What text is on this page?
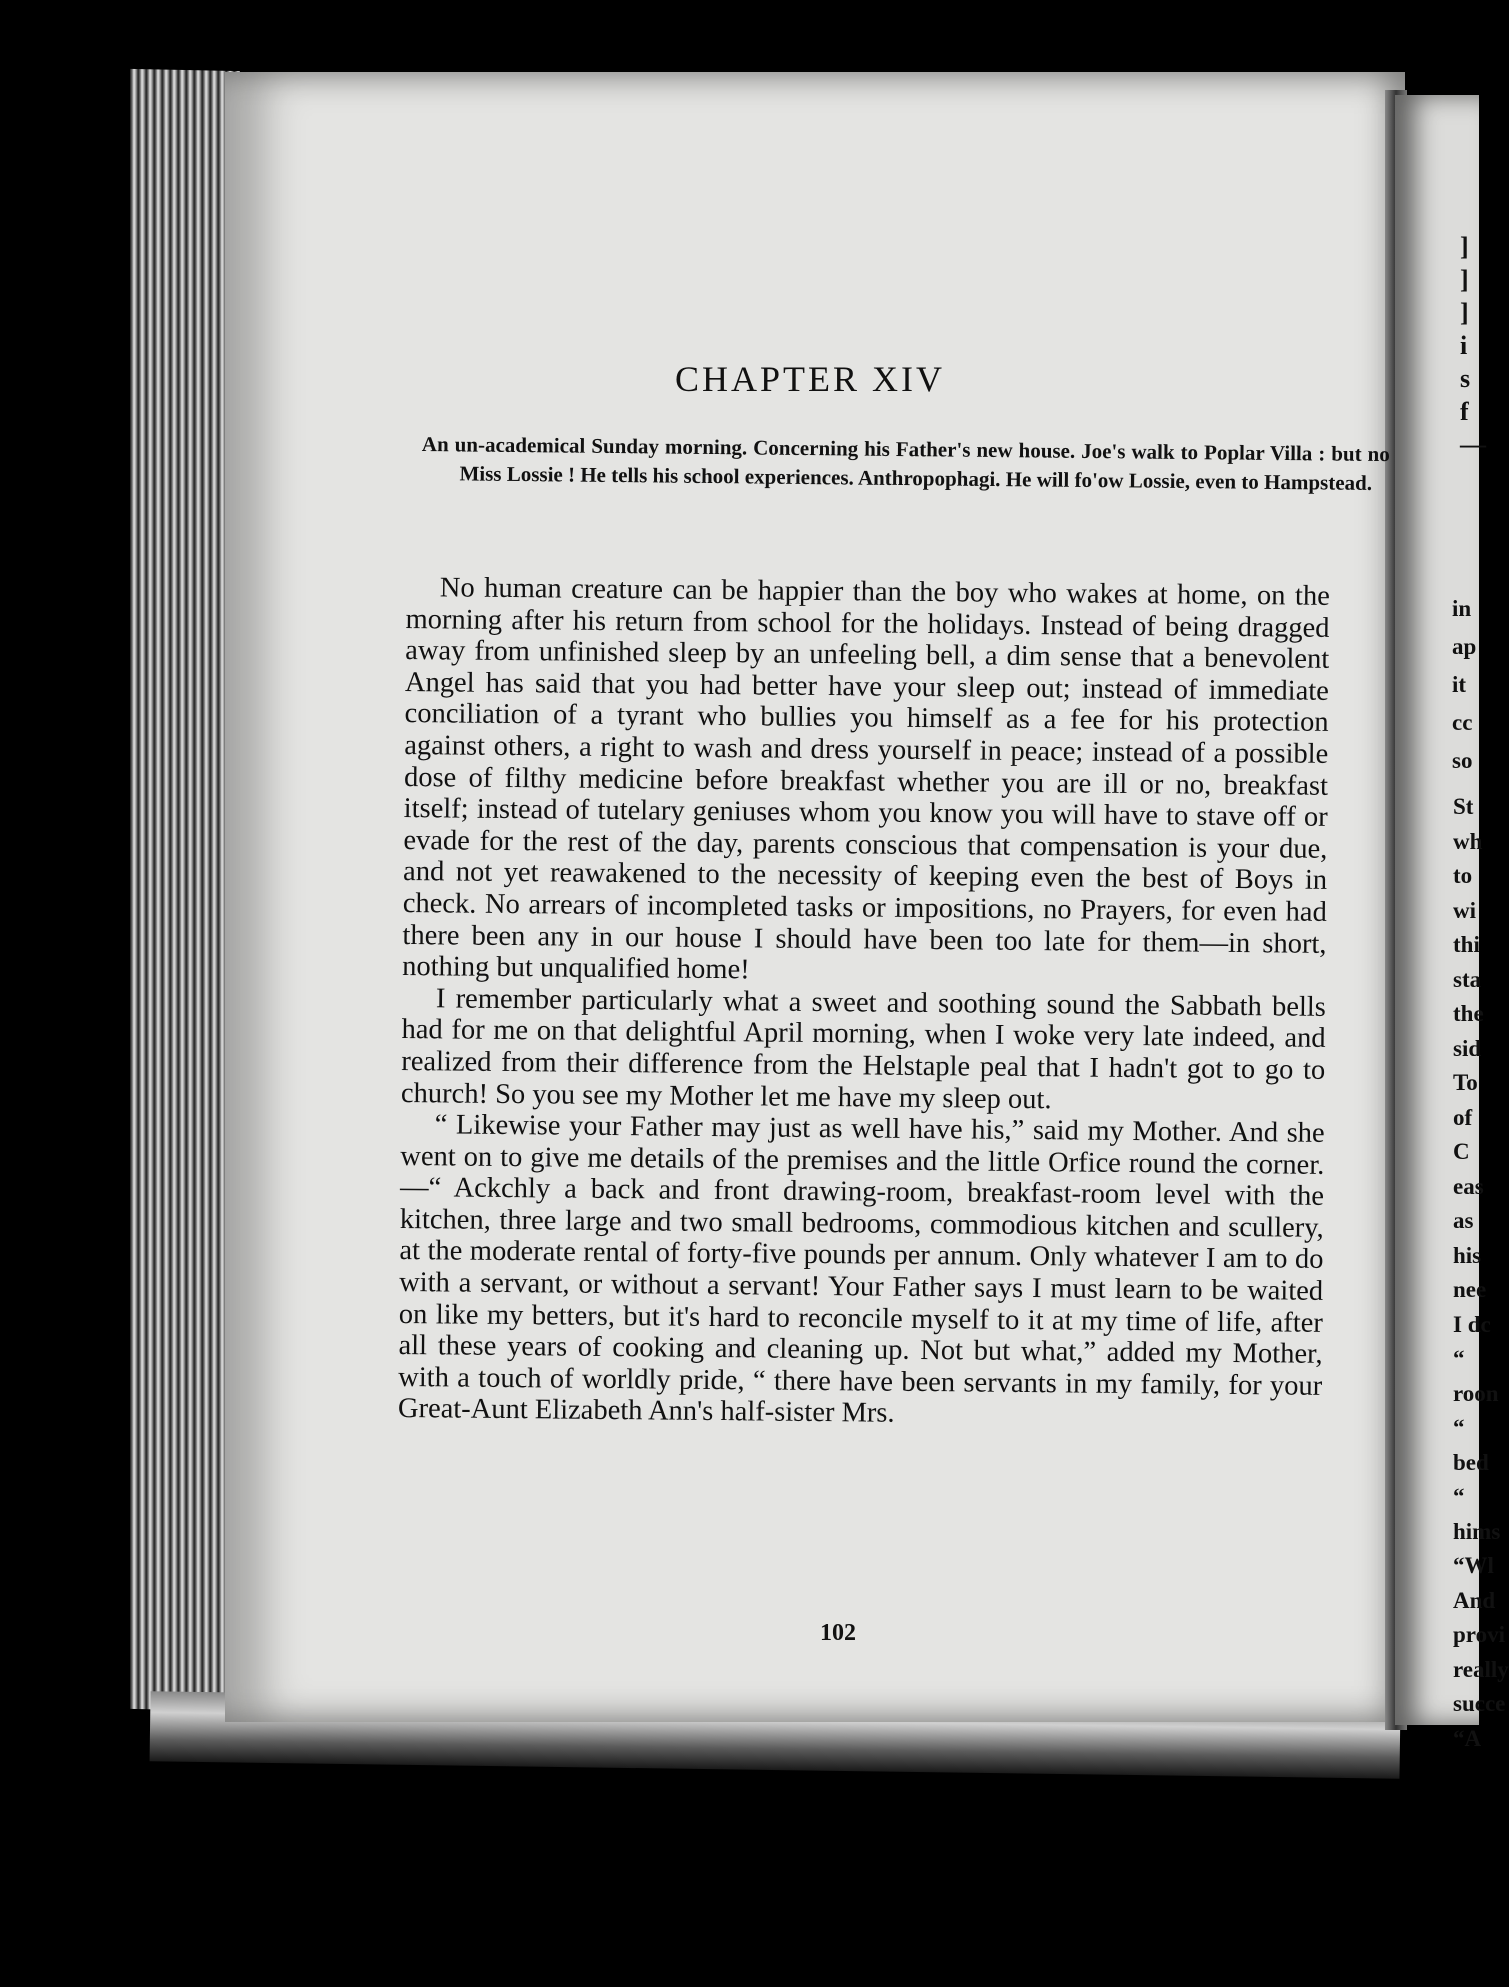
CHAPTER XIV
An un-academical Sunday morning. Concerning his Father's new house. Joe's walk to Poplar Villa : but no Miss Lossie ! He tells his school experiences. Anthropophagi. He will fo'ow Lossie, even to Hampstead.

No human creature can be happier than the boy who wakes at home, on the morning after his return from school for the holidays. Instead of being dragged away from unfinished sleep by an unfeeling bell, a dim sense that a benevolent Angel has said that you had better have your sleep out; instead of immediate conciliation of a tyrant who bullies you himself as a fee for his protection against others, a right to wash and dress yourself in peace; instead of a possible dose of filthy medicine before breakfast whether you are ill or no, breakfast itself; instead of tutelary geniuses whom you know you will have to stave off or evade for the rest of the day, parents conscious that compensation is your due, and not yet reawakened to the necessity of keeping even the best of Boys in check. No arrears of incompleted tasks or impositions, no Prayers, for even had there been any in our house I should have been too late for them—in short, nothing but unqualified home!

I remember particularly what a sweet and soothing sound the Sabbath bells had for me on that delightful April morning, when I woke very late indeed, and realized from their difference from the Helstaple peal that I hadn't got to go to church! So you see my Mother let me have my sleep out.

“ Likewise your Father may just as well have his,” said my Mother. And she went on to give me details of the premises and the little Orfice round the corner.—“ Ackchly a back and front drawing-room, breakfast-room level with the kitchen, three large and two small bedrooms, commodious kitchen and scullery, at the moderate rental of forty-five pounds per annum. Only whatever I am to do with a servant, or without a servant! Your Father says I must learn to be waited on like my betters, but it's hard to reconcile myself to it at my time of life, after all these years of cooking and cleaning up. Not but what,” added my Mother, with a touch of worldly pride, “ there have been servants in my family, for your Great-Aunt Elizabeth Ann's half-sister Mrs.

102
]
]
]
i
s
f
—
in
ap
it
cc
so
St
wh
to
wi
thi
sta
the
sid
To
of
C
eas
as
his
nee
I dc
“
roon
“
bed
“
hims
“Wl
And
provi
really
succe
“A
